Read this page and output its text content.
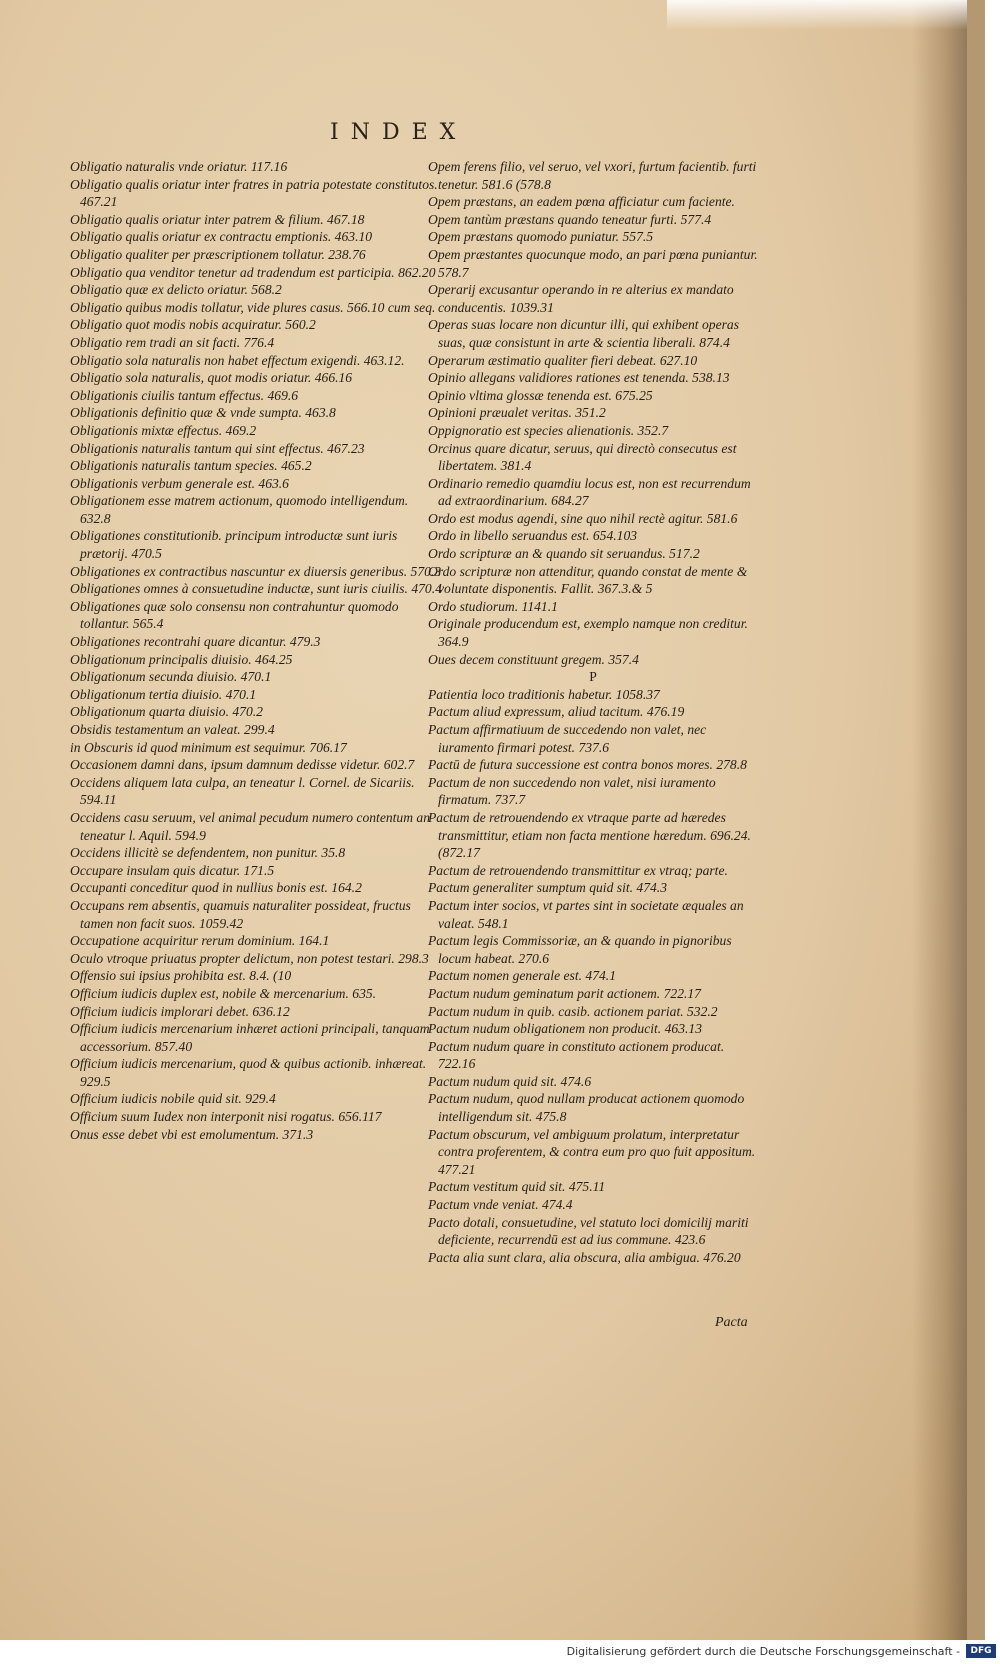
INDEX

Obligatio naturalis vnde oriatur. 117.16

Obligatio qualis oriatur inter fratres in patria potestate constitutos. 467.21

Obligatio qualis oriatur inter patrem & filium. 467.18

Obligatio qualis oriatur ex contractu emptionis. 463.10

Obligatio qualiter per præscriptionem tollatur. 238.76

Obligatio qua venditor tenetur ad tradendum est participia. 862.20

Obligatio quæ ex delicto oriatur. 568.2

Obligatio quibus modis tollatur, vide plures casus. 566.10 cum seq.

Obligatio quot modis nobis acquiratur. 560.2

Obligatio rem tradi an sit facti. 776.4

Obligatio sola naturalis non habet effectum exigendi. 463.12.

Obligatio sola naturalis, quot modis oriatur. 466.16

Obligationis ciuilis tantum effectus. 469.6

Obligationis definitio quæ & vnde sumpta. 463.8

Obligationis mixtæ effectus. 469.2

Obligationis naturalis tantum qui sint effectus. 467.23

Obligationis naturalis tantum species. 465.2

Obligationis verbum generale est. 463.6

Obligationem esse matrem actionum, quomodo intelligendum. 632.8

Obligationes constitutionib. principum introductæ sunt iuris prætorij. 470.5

Obligationes ex contractibus nascuntur ex diuersis generibus. 570.3

Obligationes omnes à consuetudine inductæ, sunt iuris ciuilis. 470.4

Obligationes quæ solo consensu non contrahuntur quomodo tollantur. 565.4

Obligationes recontrahi quare dicantur. 479.3

Obligationum principalis diuisio. 464.25

Obligationum secunda diuisio. 470.1

Obligationum tertia diuisio. 470.1

Obligationum quarta diuisio. 470.2

Obsidis testamentum an valeat. 299.4

in Obscuris id quod minimum est sequimur. 706.17

Occasionem damni dans, ipsum damnum dedisse videtur. 602.7

Occidens aliquem lata culpa, an teneatur l. Cornel. de Sicariis. 594.11

Occidens casu seruum, vel animal pecudum numero contentum an teneatur l. Aquil. 594.9

Occidens illicitè se defendentem, non punitur. 35.8

Occupare insulam quis dicatur. 171.5

Occupanti conceditur quod in nullius bonis est. 164.2

Occupans rem absentis, quamuis naturaliter possideat, fructus tamen non facit suos. 1059.42

Occupatione acquiritur rerum dominium. 164.1

Oculo vtroque priuatus propter delictum, non potest testari. 298.3

Offensio sui ipsius prohibita est. 8.4. (10

Officium iudicis duplex est, nobile & mercenarium. 635.

Officium iudicis implorari debet. 636.12

Officium iudicis mercenarium inhæret actioni principali, tanquam accessorium. 857.40

Officium iudicis mercenarium, quod & quibus actionib. inhæreat. 929.5

Officium iudicis nobile quid sit. 929.4

Officium suum Iudex non interponit nisi rogatus. 656.117

Onus esse debet vbi est emolumentum. 371.3

Opem ferens filio, vel seruo, vel vxori, furtum facientib. furti tenetur. 581.6 (578.8

Opem præstans, an eadem pœna afficiatur cum faciente.

Opem tantùm præstans quando teneatur furti. 577.4

Opem præstans quomodo puniatur. 557.5

Opem præstantes quocunque modo, an pari pœna puniantur. 578.7

Operarij excusantur operando in re alterius ex mandato conducentis. 1039.31

Operas suas locare non dicuntur illi, qui exhibent operas suas, quæ consistunt in arte & scientia liberali. 874.4

Operarum æstimatio qualiter fieri debeat. 627.10

Opinio allegans validiores rationes est tenenda. 538.13

Opinio vltima glossæ tenenda est. 675.25

Opinioni præualet veritas. 351.2

Oppignoratio est species alienationis. 352.7

Orcinus quare dicatur, seruus, qui directò consecutus est libertatem. 381.4

Ordinario remedio quamdiu locus est, non est recurrendum ad extraordinarium. 684.27

Ordo est modus agendi, sine quo nihil rectè agitur. 581.6

Ordo in libello seruandus est. 654.103

Ordo scripturæ an & quando sit seruandus. 517.2

Ordo scripturæ non attenditur, quando constat de mente & voluntate disponentis. Fallit. 367.3.& 5

Ordo studiorum. 1141.1

Originale producendum est, exemplo namque non creditur. 364.9

Oues decem constituunt gregem. 357.4

P

Patientia loco traditionis habetur. 1058.37

Pactum aliud expressum, aliud tacitum. 476.19

Pactum affirmatiuum de succedendo non valet, nec iuramento firmari potest. 737.6

Pactū de futura successione est contra bonos mores. 278.8

Pactum de non succedendo non valet, nisi iuramento firmatum. 737.7

Pactum de retrouendendo ex vtraque parte ad hæredes transmittitur, etiam non facta mentione hæredum. 696.24. (872.17

Pactum de retrouendendo transmittitur ex vtraq; parte.

Pactum generaliter sumptum quid sit. 474.3

Pactum inter socios, vt partes sint in societate æquales an valeat. 548.1

Pactum legis Commissoriæ, an & quando in pignoribus locum habeat. 270.6

Pactum nomen generale est. 474.1

Pactum nudum geminatum parit actionem. 722.17

Pactum nudum in quib. casib. actionem pariat. 532.2

Pactum nudum obligationem non producit. 463.13

Pactum nudum quare in constituto actionem producat. 722.16

Pactum nudum quid sit. 474.6

Pactum nudum, quod nullam producat actionem quomodo intelligendum sit. 475.8

Pactum obscurum, vel ambiguum prolatum, interpretatur contra proferentem, & contra eum pro quo fuit appositum. 477.21

Pactum vestitum quid sit. 475.11

Pactum vnde veniat. 474.4

Pacto dotali, consuetudine, vel statuto loci domicilij mariti deficiente, recurrendū est ad ius commune. 423.6

Pacta alia sunt clara, alia obscura, alia ambigua. 476.20

Pacta
Digitalisierung gefördert durch die Deutsche Forschungsgemeinschaft -	DFG
